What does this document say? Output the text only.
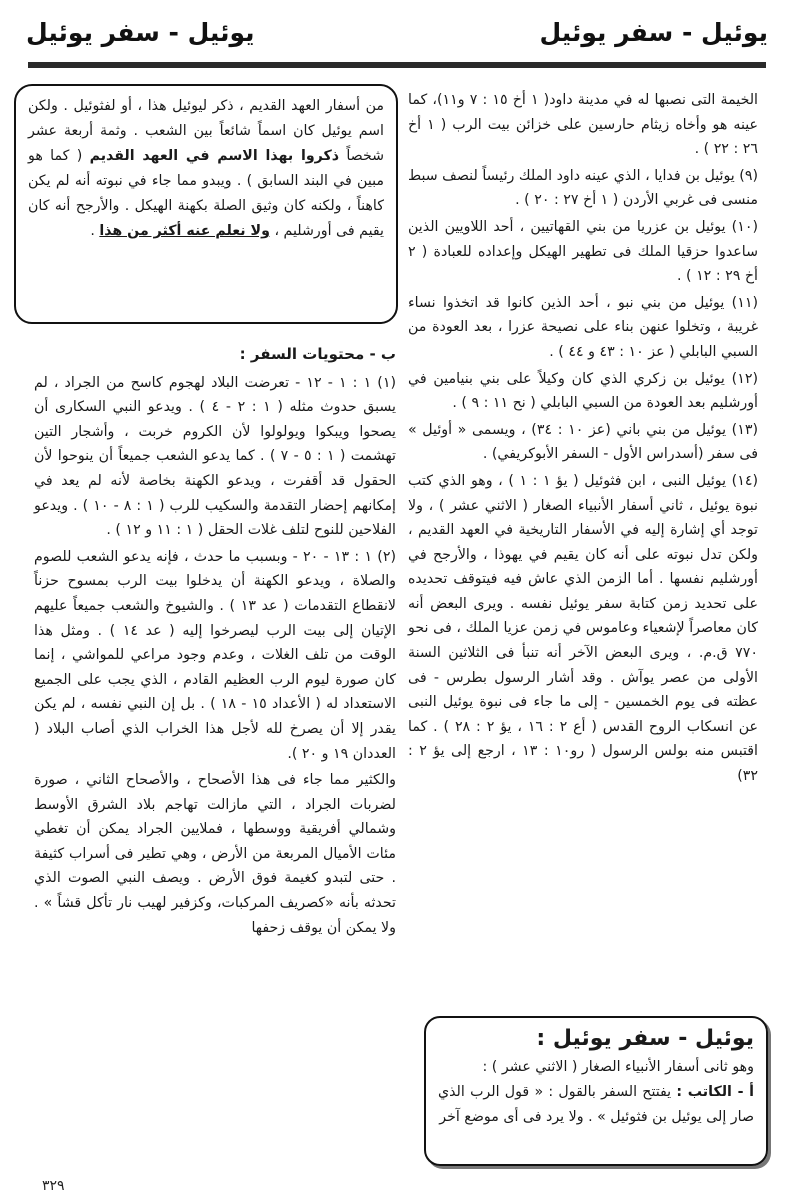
يوئيل - سفر يوئيل
يوئيل - سفر يوئيل

الخيمة التى نصبها له في مدينة داود( ١ أخ ١٥ : ٧ و١١)، كما عينه هو وأخاه زيثام حارسين على خزائن بيت الرب ( ١ أخ ٢٦ : ٢٢ ) .

(٩) يوئيل بن فدايا ، الذي عينه داود الملك رئيساً لنصف سبط منسى فى غربي الأردن ( ١ أخ ٢٧ : ٢٠ ) .

(١٠) يوئيل بن عزريا من بني القهاتيين ، أحد اللاويين الذين ساعدوا حزقيا الملك فى تطهير الهيكل وإعداده للعبادة ( ٢ أخ ٢٩ : ١٢ ) .

(١١) يوئيل من بني نبو ، أحد الذين كانوا قد اتخذوا نساء غريبة ، وتخلوا عنهن بناء على نصيحة عزرا ، بعد العودة من السبي البابلي ( عز ١٠ : ٤٣ و ٤٤ ) .

(١٢) يوئيل بن زكري الذي كان وكيلاً على بني بنيامين في أورشليم بعد العودة من السبي البابلي ( نح ١١ : ٩ ) .

(١٣) يوئيل من بني باني (عز ١٠ : ٣٤) ، ويسمى « أوئيل » فى سفر (أسدراس الأول - السفر الأبوكريفي) .

(١٤) يوئيل النبى ، ابن فثوئيل ( يؤ ١ : ١ ) ، وهو الذي كتب نبوة يوئيل ، ثاني أسفار الأنبياء الصغار ( الاثني عشر ) ، ولا توجد أي إشارة إليه في الأسفار التاريخية في العهد القديم ، ولكن تدل نبوته على أنه كان يقيم في يهوذا ، والأرجح في أورشليم نفسها . أما الزمن الذي عاش فيه فيتوقف تحديده على تحديد زمن كتابة سفر يوئيل نفسه . ويرى البعض أنه كان معاصراً لإشعياء وعاموس في زمن عزيا الملك ، فى نحو ٧٧٠ ق.م. ، ويرى البعض الآخر أنه تنبأ فى الثلاثين السنة الأولى من عصر يوآش . وقد أشار الرسول بطرس - فى عظته فى يوم الخمسين - إلى ما جاء فى نبوة يوئيل النبى عن انسكاب الروح القدس ( أع ٢ : ١٦ ، يؤ ٢ : ٢٨ ) . كما اقتبس منه بولس الرسول ( رو١٠ : ١٣ ، ارجع إلى يؤ ٢ : ٣٢)

من أسفار العهد القديم ، ذكر ليوئيل هذا ، أو لفثوئيل . ولكن اسم يوئيل كان اسماً شائعاً بين الشعب . وثمة أربعة عشر شخصاً ذكروا بهذا الاسم في العهد القديم ( كما هو مبين في البند السابق ) . ويبدو مما جاء في نبوته أنه لم يكن كاهناً ، ولكنه كان وثيق الصلة بكهنة الهيكل . والأرجح أنه كان يقيم فى أورشليم ، ولا نعلم عنه أكثر من هذا .
ب - محتويات السفر :

(١) ١ : ١ - ١٢ - تعرضت البلاد لهجوم كاسح من الجراد ، لم يسبق حدوث مثله ( ١ : ٢ - ٤ ) . ويدعو النبي السكارى أن يصحوا ويبكوا ويولولوا لأن الكروم خربت ، وأشجار التين تهشمت ( ١ : ٥ - ٧ ) . كما يدعو الشعب جميعاً أن ينوحوا لأن الحقول قد أقفرت ، ويدعو الكهنة بخاصة لأنه لم يعد في إمكانهم إحضار التقدمة والسكيب للرب ( ١ : ٨ - ١٠ ) . ويدعو الفلاحين للنوح لتلف غلات الحقل ( ١ : ١١ و ١٢ ) .

(٢) ١ : ١٣ - ٢٠ - وبسبب ما حدث ، فإنه يدعو الشعب للصوم والصلاة ، ويدعو الكهنة أن يدخلوا بيت الرب بمسوح حزناً لانقطاع التقدمات ( عد ١٣ ) . والشيوخ والشعب جميعاً عليهم الإتيان إلى بيت الرب ليصرخوا إليه ( عد ١٤ ) . ومثل هذا الوقت من تلف الغلات ، وعدم وجود مراعي للمواشي ، إنما كان صورة ليوم الرب العظيم القادم ، الذي يجب على الجميع الاستعداد له ( الأعداد ١٥ - ١٨ ) . بل إن النبي نفسه ، لم يكن يقدر إلا أن يصرخ لله لأجل هذا الخراب الذي أصاب البلاد ( العددان ١٩ و ٢٠ ).

والكثير مما جاء فى هذا الأصحاح ، والأصحاح الثاني ، صورة لضربات الجراد ، التي مازالت تهاجم بلاد الشرق الأوسط وشمالي أفريقية ووسطها ، فملايين الجراد يمكن أن تغطي مئات الأميال المربعة من الأرض ، وهي تطير فى أسراب كثيفة . حتى لتبدو كغيمة فوق الأرض . ويصف النبي الصوت الذي تحدثه بأنه «كصريف المركبات، وكزفير لهيب نار تأكل قشاً » . ولا يمكن أن يوقف زحفها

يوئيل - سفر يوئيل :
وهو ثانى أسفار الأنبياء الصغار ( الاثني عشر ) :
أ - الكاتب : يفتتح السفر بالقول : « قول الرب الذي صار إلى يوئيل بن فثوئيل » . ولا يرد فى أى موضع آخر
٣٢٩
